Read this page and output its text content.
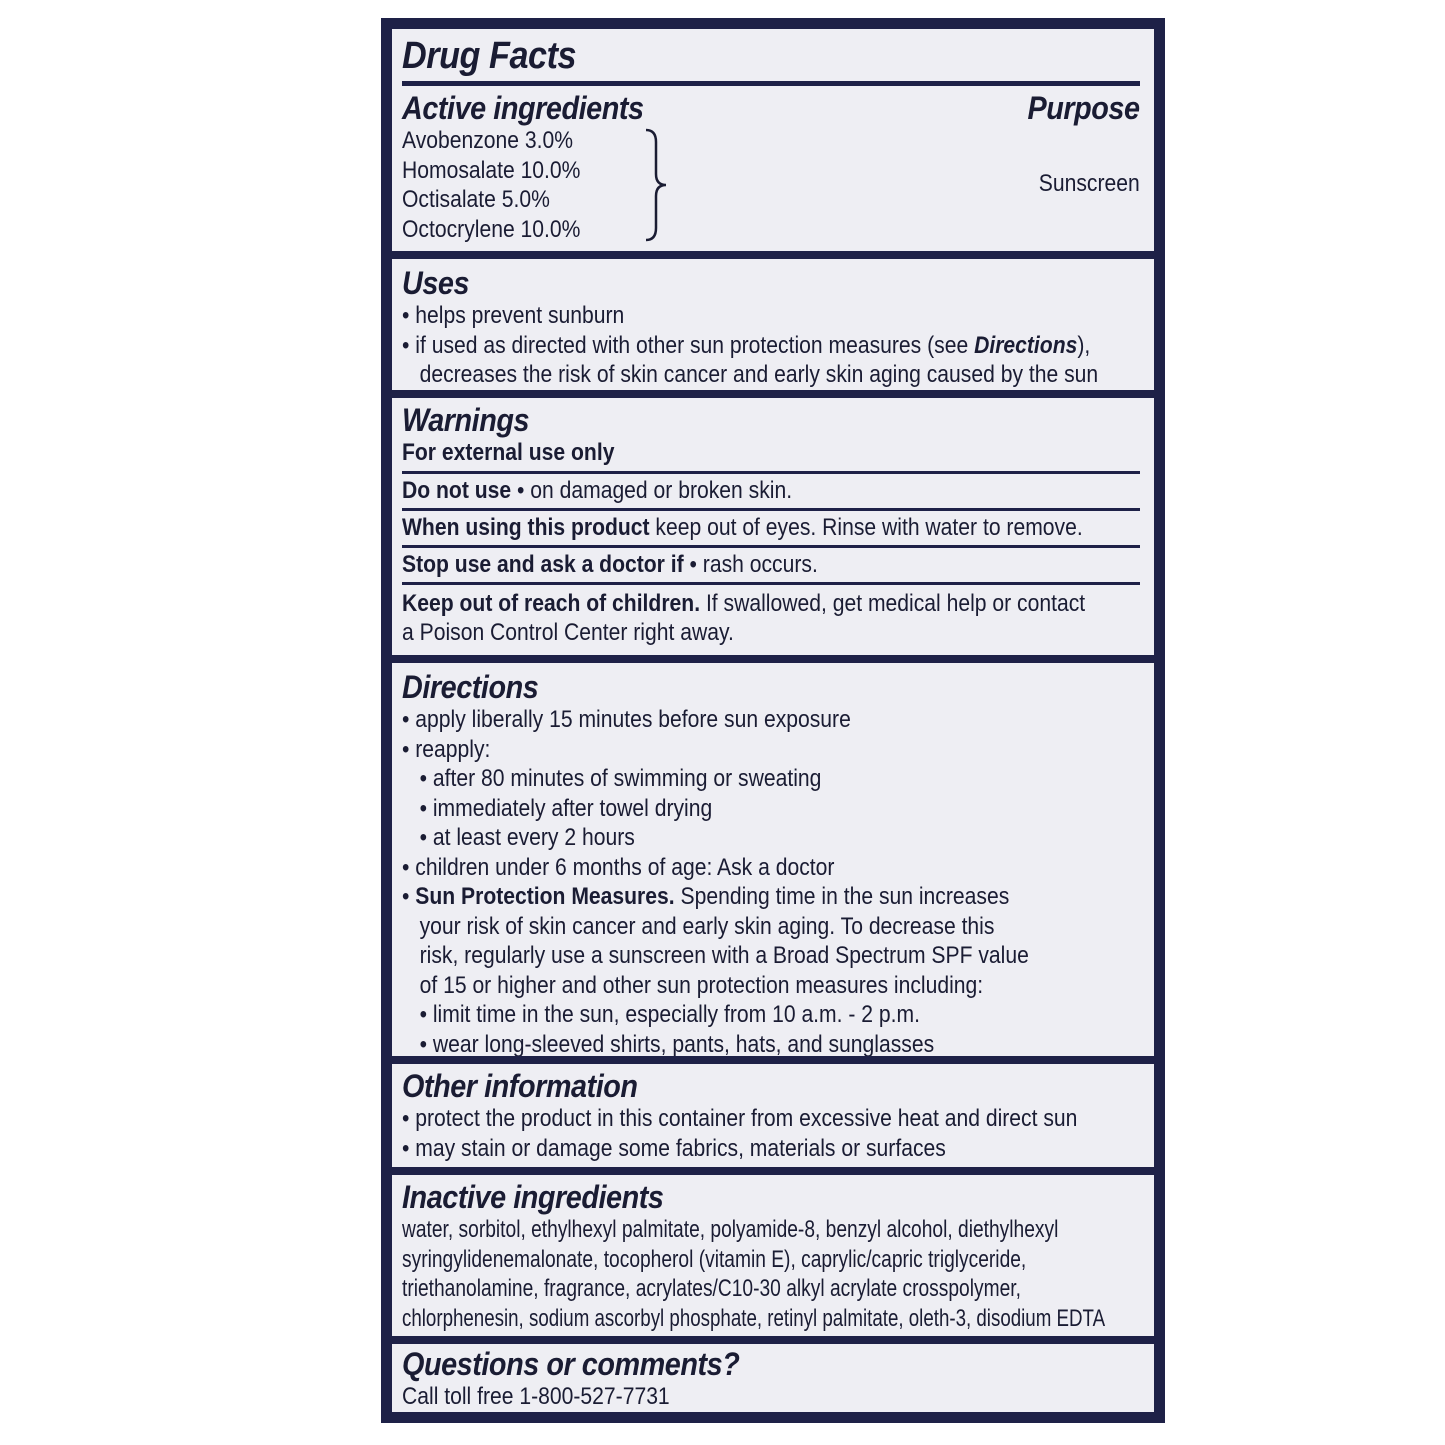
Drug Facts
Active ingredients	Purpose
Avobenzone 3.0%
Homosalate 10.0%
Octisalate 5.0%
Octocrylene 10.0%
Sunscreen
Uses
• helps prevent sunburn
• if used as directed with other sun protection measures (see Directions),
decreases the risk of skin cancer and early skin aging caused by the sun
Warnings
For external use only
Do not use • on damaged or broken skin.
When using this product keep out of eyes. Rinse with water to remove.
Stop use and ask a doctor if • rash occurs.
Keep out of reach of children. If swallowed, get medical help or contact
a Poison Control Center right away.
Directions
• apply liberally 15 minutes before sun exposure
• reapply:
• after 80 minutes of swimming or sweating
• immediately after towel drying
• at least every 2 hours
• children under 6 months of age: Ask a doctor
• Sun Protection Measures. Spending time in the sun increases
your risk of skin cancer and early skin aging. To decrease this
risk, regularly use a sunscreen with a Broad Spectrum SPF value
of 15 or higher and other sun protection measures including:
• limit time in the sun, especially from 10 a.m. - 2 p.m.
• wear long-sleeved shirts, pants, hats, and sunglasses
Other information
• protect the product in this container from excessive heat and direct sun
• may stain or damage some fabrics, materials or surfaces
Inactive ingredients
water, sorbitol, ethylhexyl palmitate, polyamide-8, benzyl alcohol, diethylhexyl
syringylidenemalonate, tocopherol (vitamin E), caprylic/capric triglyceride,
triethanolamine, fragrance, acrylates/C10-30 alkyl acrylate crosspolymer,
chlorphenesin, sodium ascorbyl phosphate, retinyl palmitate, oleth-3, disodium EDTA
Questions or comments?
Call toll free 1-800-527-7731
